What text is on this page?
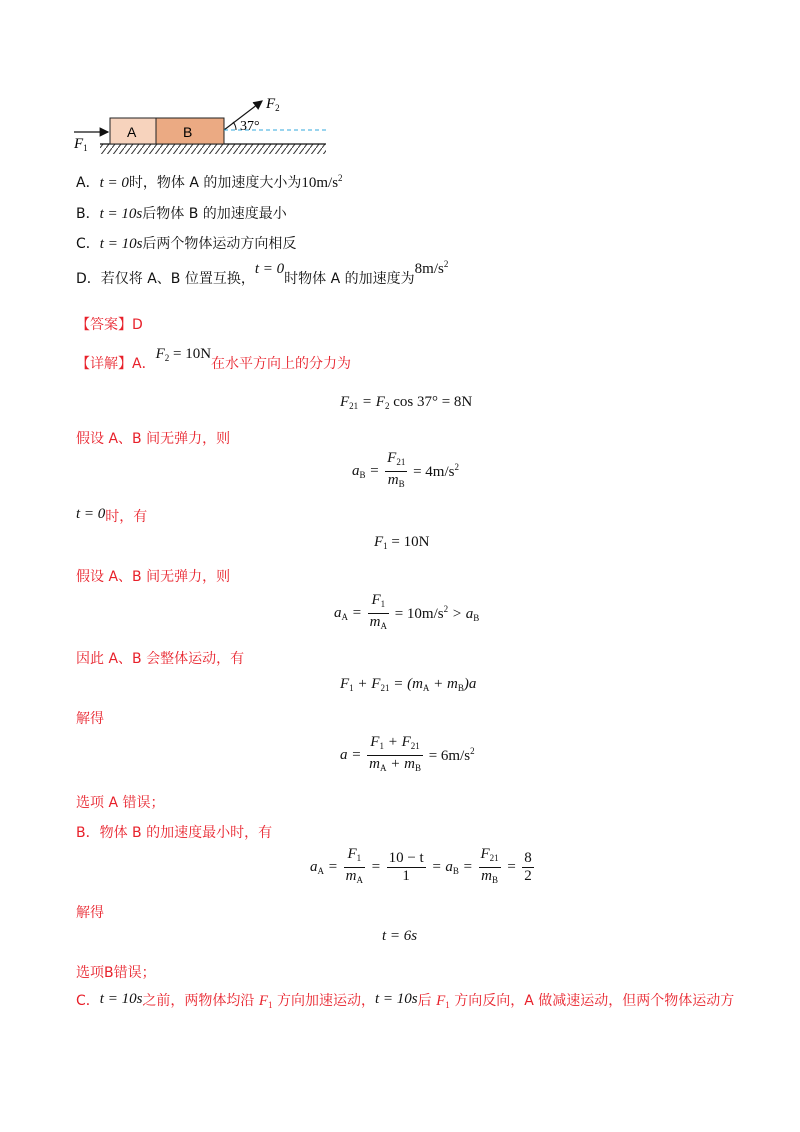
A	B
$F_1$
$F_2$
37°
A．t = 0时，物体 A 的加速度大小为$10m/s^2$
B．t = 10s后物体 B 的加速度最小
C．t = 10s后两个物体运动方向相反
D．若仅将 A、B 位置互换，t = 0时物体 A 的加速度为$8m/s^2$
【答案】D
【详解】A．$F^2 = 10N$在水平方向上的分力为
$F_{21} = F_2$ cos 37° = 8N
假设 A、B 间无弹力，则
$a_B = \frac{F_{21}}{m_B} = 4m/s^2$
t = 0时，有
$F_1 = 10N$
假设 A、B 间无弹力，则
$a_A = \frac{F_1}{m_A} = 10m/s^2 > a_B$
因此 A、B 会整体运动，有
$F_1 + F_{21} = (m_A + m_B)a$
解得
$a = \frac{F_1 + F_{21}}{m_A + m_B} = 6m/s^2$
选项 A 错误；
B．物体 B 的加速度最小时，有
$a_A = \frac{F_1}{m_A} = \frac{10 - t}{1} = a_B = \frac{F_{21}}{m_B} = \frac{8}{2}$
解得
t = 6s
选项B错误；
C．t = 10s之前，两物体均沿 $F_1$ 方向加速运动，t = 10s后 $F_1$ 方向反向，A 做减速运动，但两个物体运动方
